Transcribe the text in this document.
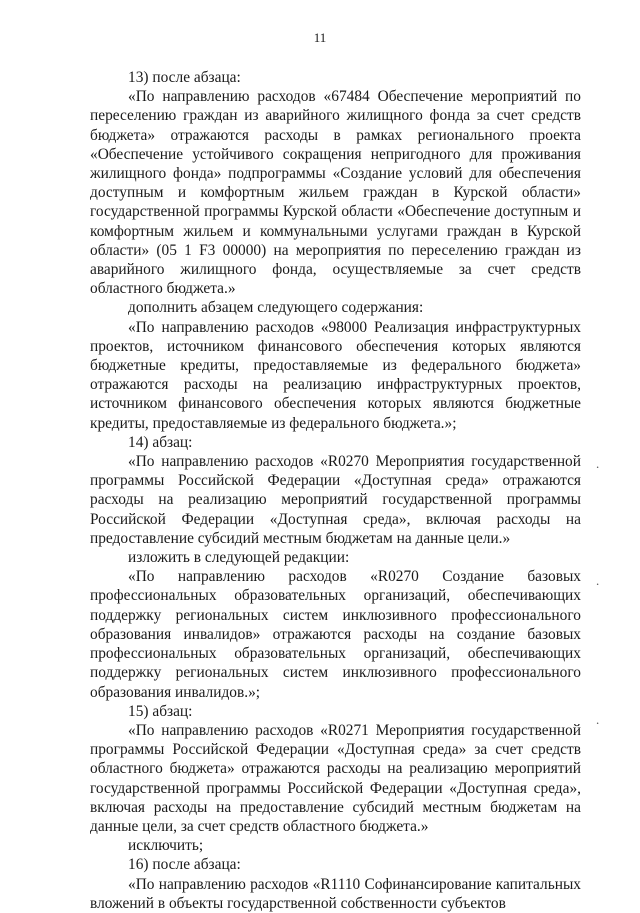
11

13) после абзаца:

«По направлению расходов «67484 Обеспечение мероприятий по переселению граждан из аварийного жилищного фонда за счет средств бюджета» отражаются расходы в рамках регионального проекта «Обеспечение устойчивого сокращения непригодного для проживания жилищного фонда» подпрограммы «Создание условий для обеспечения доступным и комфортным жильем граждан в Курской области» государственной программы Курской области «Обеспечение доступным и комфортным жильем и коммунальными услугами граждан в Курской области» (05 1 F3 00000) на мероприятия по переселению граждан из аварийного жилищного фонда, осуществляемые за счет средств областного бюджета.»

дополнить абзацем следующего содержания:

«По направлению расходов «98000 Реализация инфраструктурных проектов, источником финансового обеспечения которых являются бюджетные кредиты, предоставляемые из федерального бюджета» отражаются расходы на реализацию инфраструктурных проектов, источником финансового обеспечения которых являются бюджетные кредиты, предоставляемые из федерального бюджета.»;

14) абзац:

«По направлению расходов «R0270 Мероприятия государственной программы Российской Федерации «Доступная среда» отражаются расходы на реализацию мероприятий государственной программы Российской Федерации «Доступная среда», включая расходы на предоставление субсидий местным бюджетам на данные цели.»

изложить в следующей редакции:

«По направлению расходов «R0270 Создание базовых профессиональных образовательных организаций, обеспечивающих поддержку региональных систем инклюзивного профессионального образования инвалидов» отражаются расходы на создание базовых профессиональных образовательных организаций, обеспечивающих поддержку региональных систем инклюзивного профессионального образования инвалидов.»;

15) абзац:

«По направлению расходов «R0271 Мероприятия государственной программы Российской Федерации «Доступная среда» за счет средств областного бюджета» отражаются расходы на реализацию мероприятий государственной программы Российской Федерации «Доступная среда», включая расходы на предоставление субсидий местным бюджетам на данные цели, за счет средств областного бюджета.»

исключить;

16) после абзаца:

«По направлению расходов «R1110 Софинансирование капитальных вложений в объекты государственной собственности субъектов

.
.
.
